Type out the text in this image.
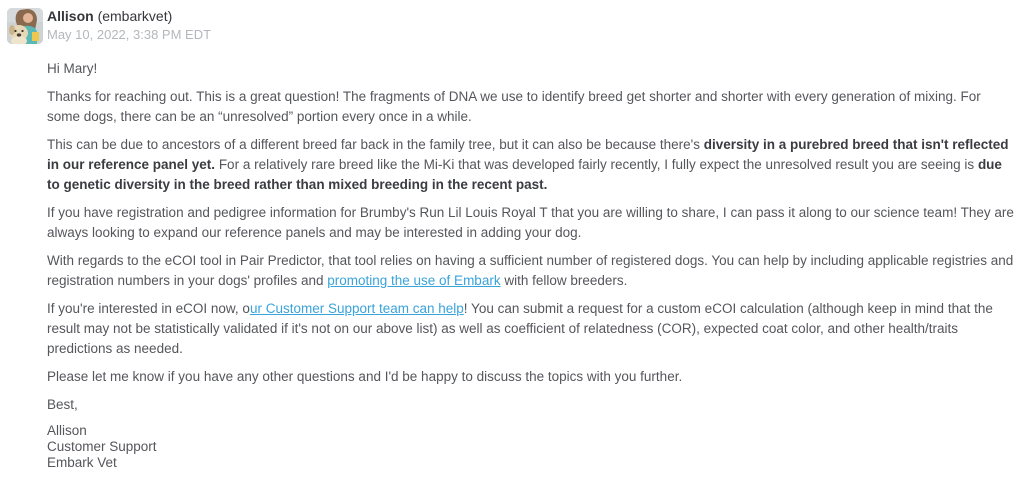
Allison (embarkvet)
May 10, 2022, 3:38 PM EDT

Hi Mary!

Thanks for reaching out. This is a great question! The fragments of DNA we use to identify breed get shorter and shorter with every generation of mixing. For some dogs, there can be an “unresolved” portion every once in a while.

This can be due to ancestors of a different breed far back in the family tree, but it can also be because there's diversity in a purebred breed that isn't reflected in our reference panel yet. For a relatively rare breed like the Mi-Ki that was developed fairly recently, I fully expect the unresolved result you are seeing is due to genetic diversity in the breed rather than mixed breeding in the recent past.

If you have registration and pedigree information for Brumby's Run Lil Louis Royal T that you are willing to share, I can pass it along to our science team! They are always looking to expand our reference panels and may be interested in adding your dog.

With regards to the eCOI tool in Pair Predictor, that tool relies on having a sufficient number of registered dogs. You can help by including applicable registries and registration numbers in your dogs' profiles and promoting the use of Embark with fellow breeders.

If you're interested in eCOI now, our Customer Support team can help! You can submit a request for a custom eCOI calculation (although keep in mind that the result may not be statistically validated if it's not on our above list) as well as coefficient of relatedness (COR), expected coat color, and other health/traits predictions as needed.

Please let me know if you have any other questions and I'd be happy to discuss the topics with you further.

Best,

Allison
Customer Support
Embark Vet
